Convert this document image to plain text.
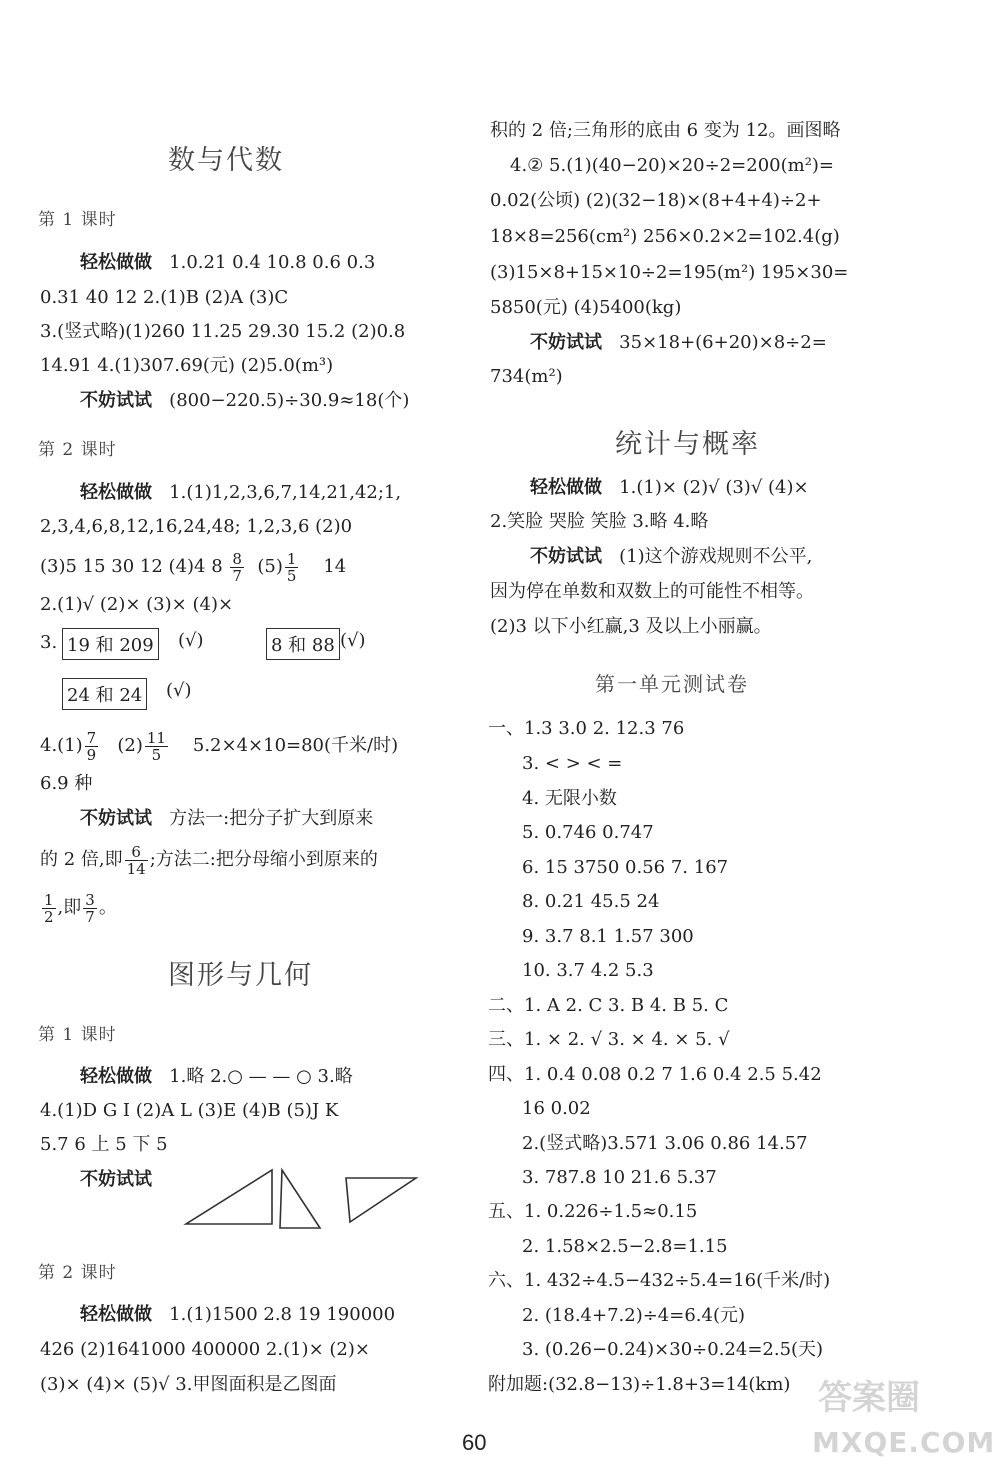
数与代数
第 1 课时
轻松做做 1.0.21 0.4 10.8 0.6 0.3
0.31 40 12 2.(1)B (2)A (3)C
3.(竖式略)(1)260 11.25 29.30 15.2 (2)0.8
14.91 4.(1)307.69(元) (2)5.0(m³)
不妨试试 (800−220.5)÷30.9≈18(个)
第 2 课时
轻松做做 1.(1)1,2,3,6,7,14,21,42;1,
2,3,4,6,8,12,16,24,48; 1,2,3,6 (2)0
(3)5 15 30 12 (4)4 $8 \frac{8}{7} (5) \frac{1}{5} 14$
2.(1)√ (2)× (3)× (4)×
3. 19 和 209 (√)	8 和 88 (√)
24 和 24 (√)
$4.(1) \frac{7}{9} (2) \frac{11}{5} 5.2\times 4\times 10=80$(千米/时)
6.9 种
不妨试试 方法一:把分子扩大到原来
的 2 倍,即 $\frac{6}{14}$ ;方法二:把分母缩小到原来的
$\frac{1}{2}$ ,即 $\frac{3}{7}$ 。
图形与几何
第 1 课时
轻松做做 1.略 2.○ — — ○ 3.略
4.(1)D G I (2)A L (3)E (4)B (5)J K
5.7 6 上 5 下 5
不妨试试
第 2 课时
轻松做做 1.(1)1500 2.8 19 190000
426 (2)1641000 400000 2.(1)× (2)×
(3)× (4)× (5)√ 3.甲图面积是乙图面
积的 2 倍;三角形的底由 6 变为 12。画图略
4.② 5.(1)(40−20)×20÷2=200(m²)=
0.02(公顷) (2)(32−18)×(8+4+4)÷2+
18×8=256(cm²) 256×0.2×2=102.4(g)
(3)15×8+15×10÷2=195(m²) 195×30=
5850(元) (4)5400(kg)
不妨试试 35×18+(6+20)×8÷2=
734(m²)
统计与概率
轻松做做 1.(1)× (2)√ (3)√ (4)×
2.笑脸 哭脸 笑脸 3.略 4.略
不妨试试 (1)这个游戏规则不公平,
因为停在单数和双数上的可能性不相等。
(2)3 以下小红赢,3 及以上小丽赢。
第一单元测试卷
一、1.3 3.0 2. 12.3 76
3. < > < =
4. 无限小数
5. 0.746 0.747
6. 15 3750 0.56 7. 167
8. 0.21 45.5 24
9. 3.7 8.1 1.57 300
10. 3.7 4.2 5.3
二、1. A 2. C 3. B 4. B 5. C
三、1. × 2. √ 3. × 4. × 5. √
四、1. 0.4 0.08 0.2 7 1.6 0.4 2.5 5.42
16 0.02
2.(竖式略)3.571 3.06 0.86 14.57
3. 787.8 10 21.6 5.37
五、1. 0.226÷1.5≈0.15
2. 1.58×2.5−2.8=1.15
六、1. 432÷4.5−432÷5.4=16(千米/时)
2. (18.4+7.2)÷4=6.4(元)
3. (0.26−0.24)×30÷0.24=2.5(天)
附加题:(32.8−13)÷1.8+3=14(km)
60
答案圈
MXQE.COM
